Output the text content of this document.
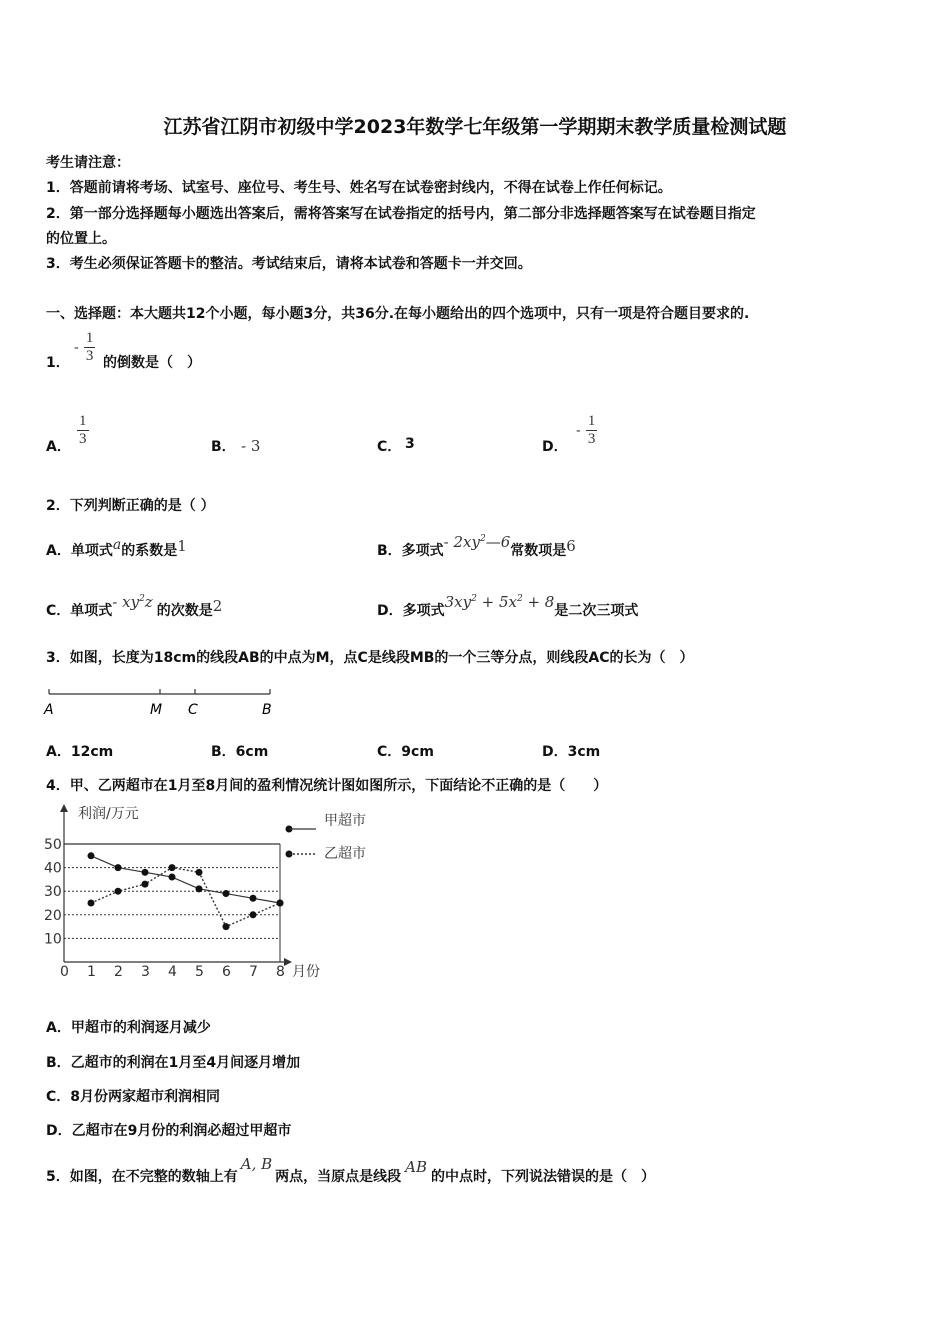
江苏省江阴市初级中学2023年数学七年级第一学期期末教学质量检测试题
考生请注意：
1．答题前请将考场、试室号、座位号、考生号、姓名写在试卷密封线内，不得在试卷上作任何标记。
2．第一部分选择题每小题选出答案后，需将答案写在试卷指定的括号内，第二部分非选择题答案写在试卷题目指定
的位置上。
3．考生必须保证答题卡的整洁。考试结束后，请将本试卷和答题卡一并交回。
一、选择题：本大题共12个小题，每小题3分，共36分.在每小题给出的四个选项中，只有一项是符合题目要求的.
1．
- $\frac{1}{3}$ 的倒数是（　）
A． $\frac{1}{3}$	B． - 3	C． 3	D．
- $\frac{1}{3}$
2．下列判断正确的是（ ）
A．单项式a的系数是1	B．多项式- $2xy^2—6$常数项是6
C．单项式- $xy^2z$ 的次数是2	D．多项式$3xy^2 + 5x^2 + 8$是二次三项式
3．如图，长度为18cm的线段AB的中点为M，点C是线段MB的一个三等分点，则线段AC的长为（　）
A	M C	B
A．12cm	B．6cm	C．9cm	D．3cm
4．甲、乙两超市在1月至8月间的盈利情况统计图如图所示，下面结论不正确的是（　　）
利润/万元
月份
10
20
30
40
50
0 1 2 3 4 5 6 7 8
甲超市
乙超市
A．甲超市的利润逐月减少
B．乙超市的利润在1月至4月间逐月增加
C．8月份两家超市利润相同
D．乙超市在9月份的利润必超过甲超市
5．如图，在不完整的数轴上有A, B两点，当原点是线段AB的中点时，下列说法错误的是（　）
